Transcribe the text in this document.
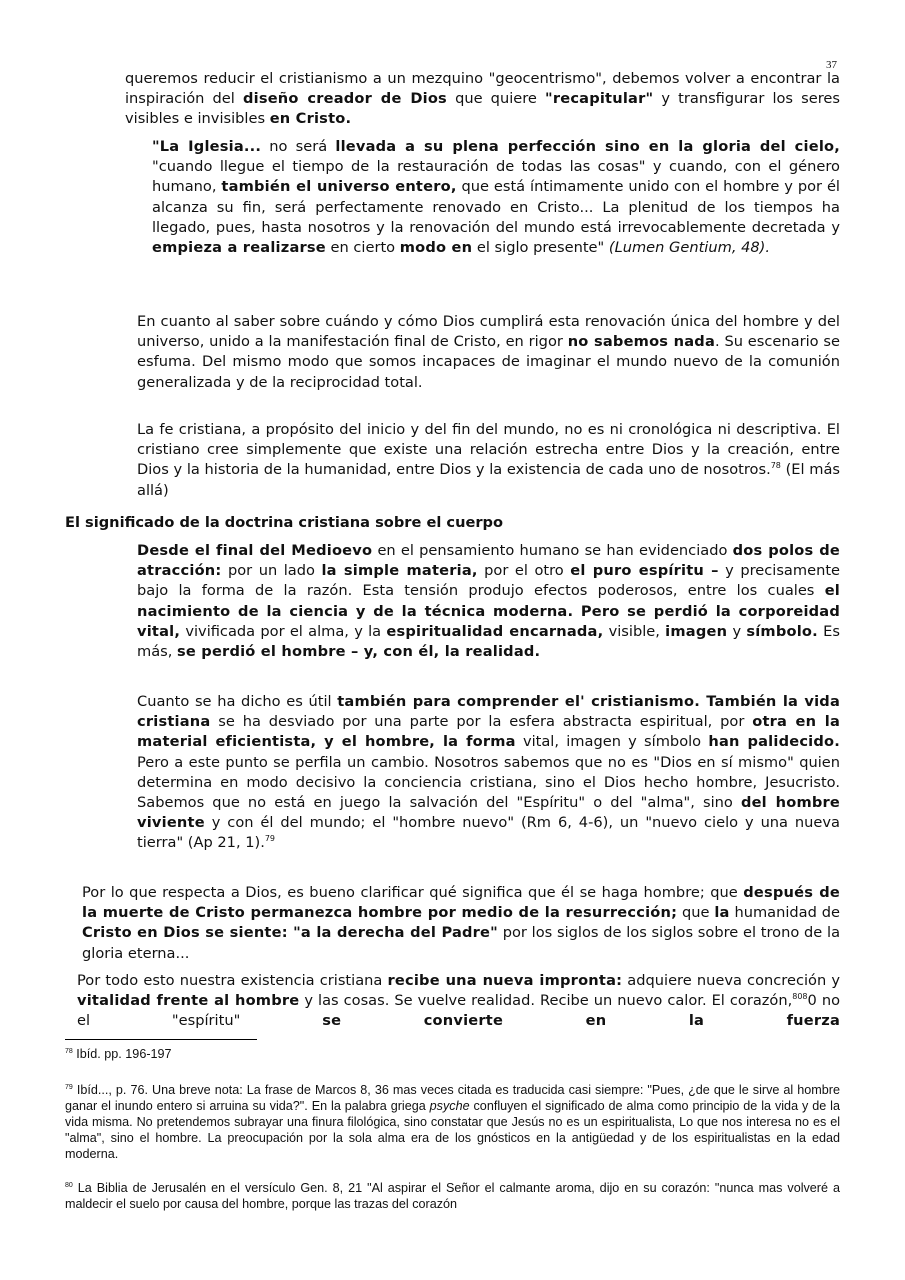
37

queremos reducir el cristianismo a un mezquino "geocentrismo", debemos volver a encontrar la inspiración del diseño creador de Dios que quiere "recapitular" y transfigurar los seres visibles e invisibles en Cristo.

"La Iglesia... no será llevada a su plena perfección sino en la gloria del cielo, "cuando llegue el tiempo de la restauración de todas las cosas" y cuando, con el género humano, también el universo entero, que está íntimamente unido con el hombre y por él alcanza su fin, será perfectamente renovado en Cristo... La plenitud de los tiempos ha llegado, pues, hasta nosotros y la renovación del mundo está irrevocablemente decretada y empieza a realizarse en cierto modo en el siglo presente" (Lumen Gentium, 48).

En cuanto al saber sobre cuándo y cómo Dios cumplirá esta renovación única del hombre y del universo, unido a la manifestación final de Cristo, en rigor no sabemos nada. Su escenario se esfuma. Del mismo modo que somos incapaces de imaginar el mundo nuevo de la comunión generalizada y de la reciprocidad total.

La fe cristiana, a propósito del inicio y del fin del mundo, no es ni cronológica ni descriptiva. El cristiano cree simplemente que existe una relación estrecha entre Dios y la creación, entre Dios y la historia de la humanidad, entre Dios y la existencia de cada uno de nosotros.$^{78}$ (El más allá)

El significado de la doctrina cristiana sobre el cuerpo

Desde el final del Medioevo en el pensamiento humano se han evidenciado dos polos de atracción: por un lado la simple materia, por el otro el puro espíritu – y precisamente bajo la forma de la razón. Esta tensión produjo efectos poderosos, entre los cuales el nacimiento de la ciencia y de la técnica moderna. Pero se perdió la corporeidad vital, vivificada por el alma, y la espiritualidad encarnada, visible, imagen y símbolo. Es más, se perdió el hombre – y, con él, la realidad.

Cuanto se ha dicho es útil también para comprender el' cristianismo. También la vida cristiana se ha desviado por una parte por la esfera abstracta espiritual, por otra en la material eficientista, y el hombre, la forma vital, imagen y símbolo han palidecido. Pero a este punto se perfila un cambio. Nosotros sabemos que no es "Dios en sí mismo" quien determina en modo decisivo la conciencia cristiana, sino el Dios hecho hombre, Jesucristo. Sabemos que no está en juego la salvación del "Espíritu" o del "alma", sino del hombre viviente y con él del mundo; el "hombre nuevo" (Rm 6, 4-6), un "nuevo cielo y una nueva tierra" (Ap 21, 1).$^{79}$

Por lo que respecta a Dios, es bueno clarificar qué significa que él se haga hombre; que después de la muerte de Cristo permanezca hombre por medio de la resurrección; que la humanidad de Cristo en Dios se siente: "a la derecha del Padre" por los siglos de los siglos sobre el trono de la gloria eterna...

Por todo esto nuestra existencia cristiana recibe una nueva impronta: adquiere nueva concreción y vitalidad frente al hombre y las cosas. Se vuelve realidad. Recibe un nuevo calor. El corazón,$^{808}$0 no el "espíritu" se convierte en la fuerza

$^{78}$ Ibíd. pp. 196-197
$^{79}$ Ibíd..., p. 76. Una breve nota: La frase de Marcos 8, 36 mas veces citada es traducida casi siempre: "Pues, ¿de que le sirve al hombre ganar el inundo entero si arruina su vida?". En la palabra griega psyche confluyen el significado de alma como principio de la vida y de la vida misma. No pretendemos subrayar una finura filológica, sino constatar que Jesús no es un espiritualista, Lo que nos interesa no es el "alma", sino el hombre. La preocupación por la sola alma era de los gnósticos en la antigüedad y de los espiritualistas en la edad moderna.
$^{80}$ La Biblia de Jerusalén en el versículo Gen. 8, 21 "Al aspirar el Señor el calmante aroma, dijo en su corazón: "nunca mas volveré a maldecir el suelo por causa del hombre, porque las trazas del corazón
